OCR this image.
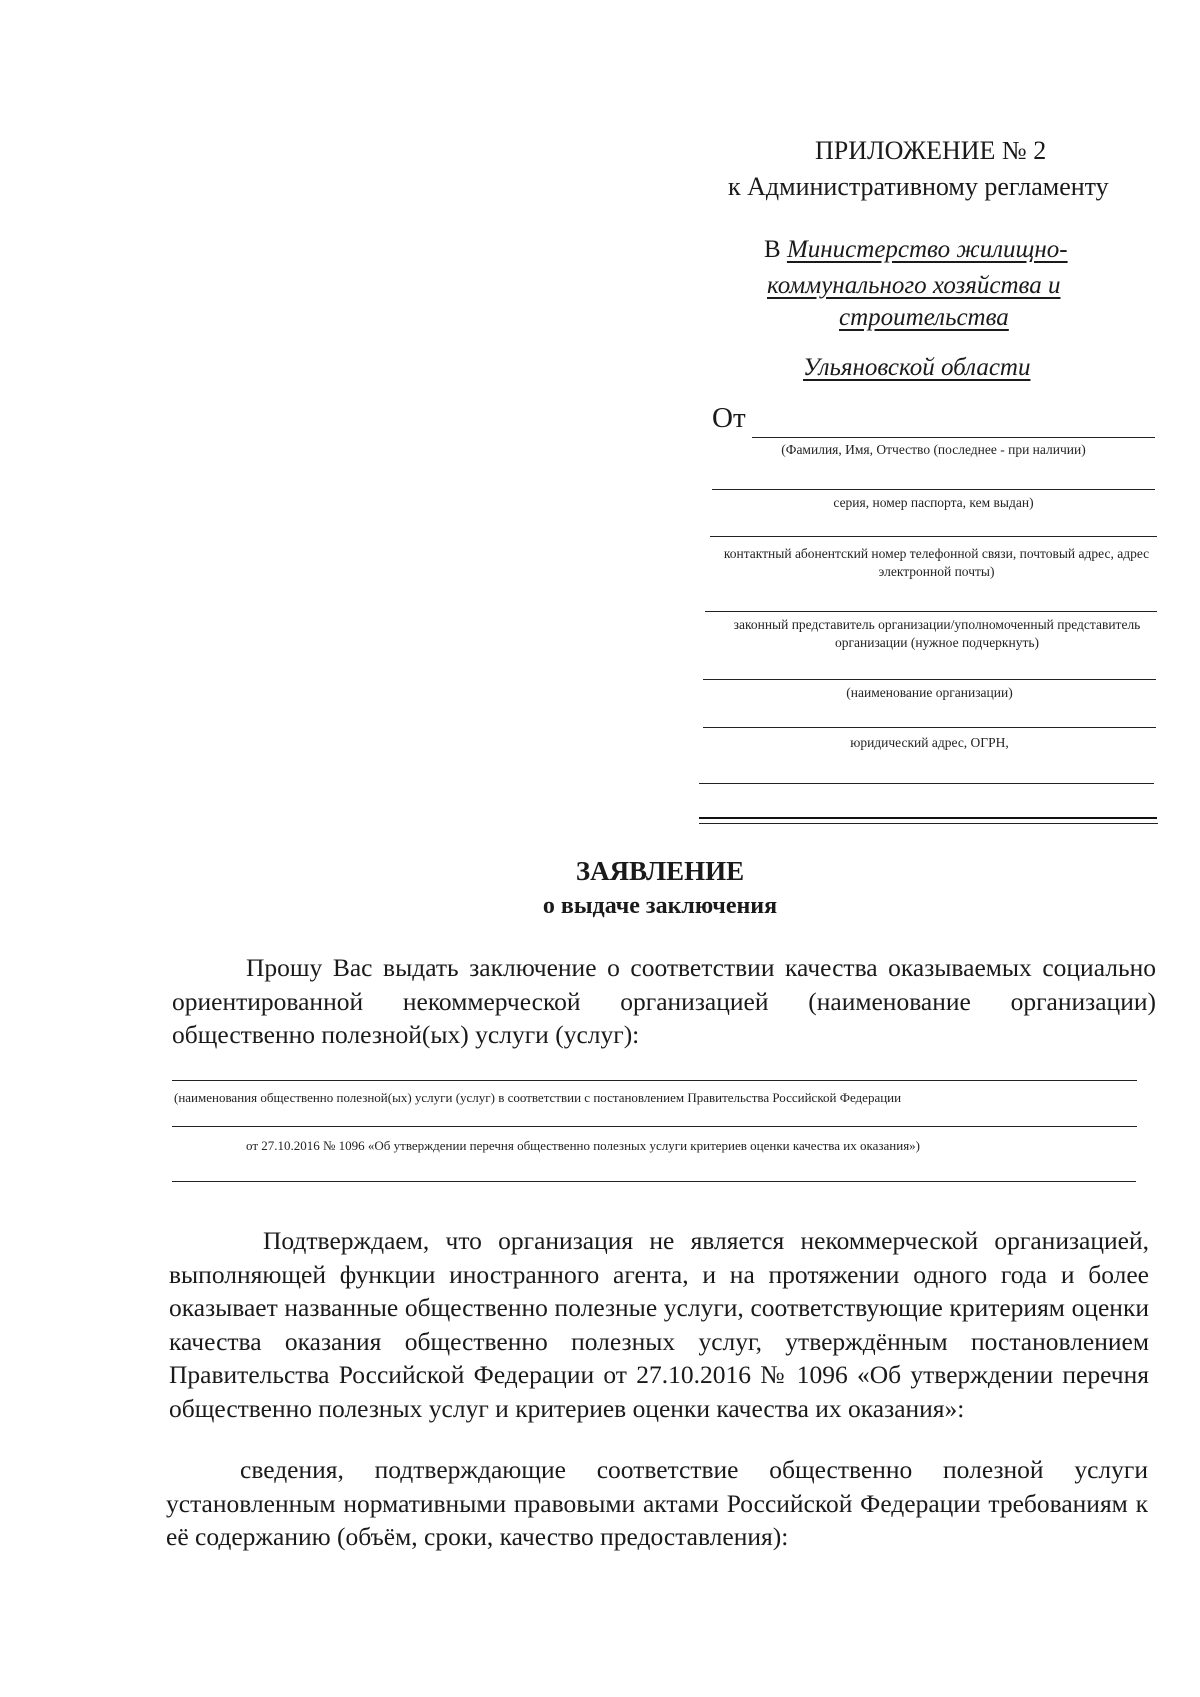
ПРИЛОЖЕНИЕ № 2
к Административному регламенту
В Министерство жилищно-
коммунального хозяйства и
строительства
Ульяновской области
От
(Фамилия, Имя, Отчество (последнее - при наличии)
серия, номер паспорта, кем выдан)
контактный абонентский номер телефонной связи, почтовый адрес, адрес электронной почты)
законный представитель организации/уполномоченный представитель организации (нужное подчеркнуть)
(наименование организации)
юридический адрес, ОГРН,
ЗАЯВЛЕНИЕ
о выдаче заключения

Прошу Вас выдать заключение о соответствии качества оказываемых социально ориентированной некоммерческой организацией (наименование организации) общественно полезной(ых) услуги (услуг):

(наименования общественно полезной(ых) услуги (услуг) в соответствии с постановлением Правительства Российской Федерации
от 27.10.2016 № 1096 «Об утверждении перечня общественно полезных услуги критериев оценки качества их оказания»)

Подтверждаем, что организация не является некоммерческой организацией, выполняющей функции иностранного агента, и на протяжении одного года и более оказывает названные общественно полезные услуги, соответствующие критериям оценки качества оказания общественно полезных услуг, утверждённым постановлением Правительства Российской Федерации от 27.10.2016 № 1096 «Об утверждении перечня общественно полезных услуг и критериев оценки качества их оказания»:

сведения, подтверждающие соответствие общественно полезной услуги установленным нормативными правовыми актами Российской Федерации требованиям к её содержанию (объём, сроки, качество предоставления):
